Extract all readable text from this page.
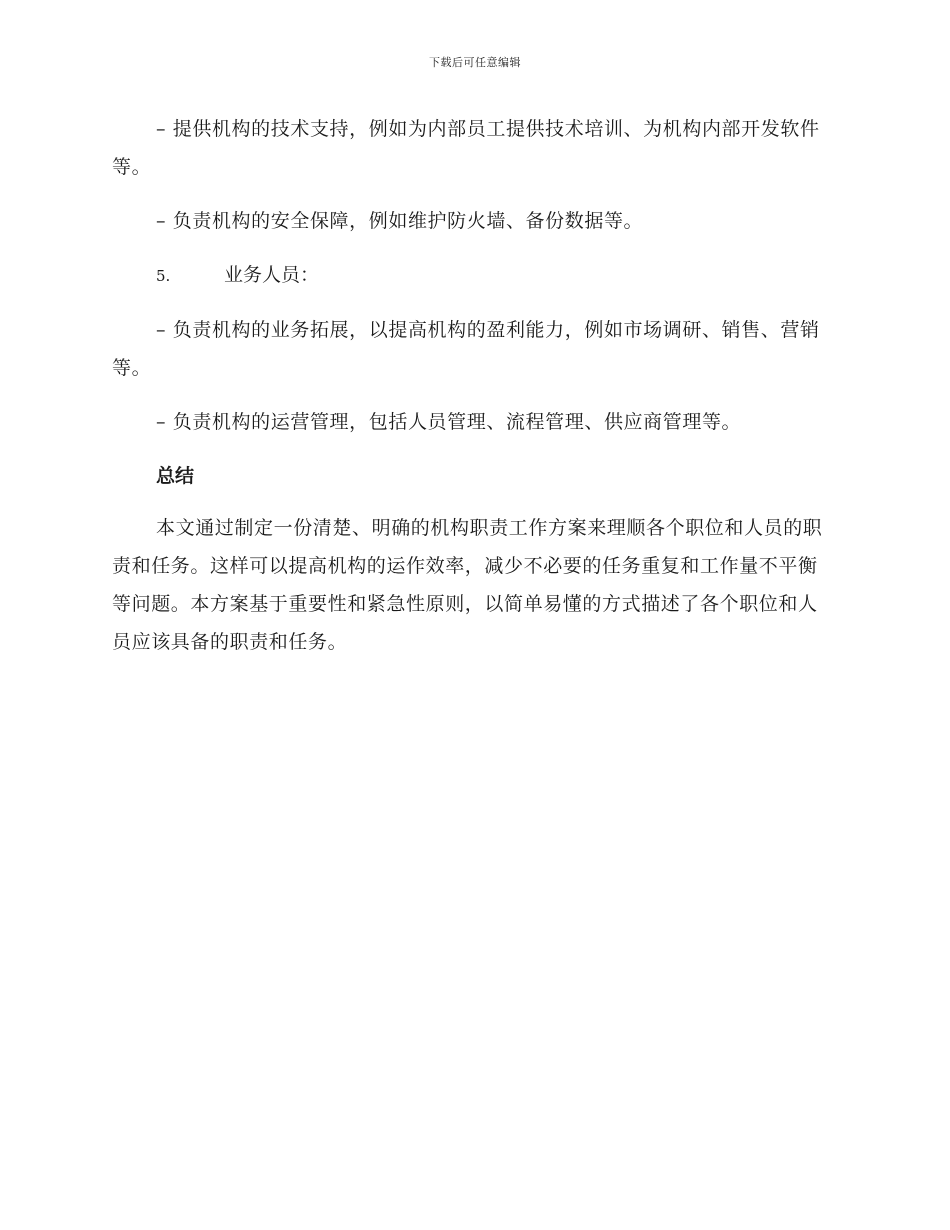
下载后可任意编辑

– 提供机构的技术支持，例如为内部员工提供技术培训、为机构内部开发软件等。

– 负责机构的安全保障，例如维护防火墙、备份数据等。

5.	业务人员：

– 负责机构的业务拓展，以提高机构的盈利能力，例如市场调研、销售、营销等。

– 负责机构的运营管理，包括人员管理、流程管理、供应商管理等。

总结

本文通过制定一份清楚、明确的机构职责工作方案来理顺各个职位和人员的职责和任务。这样可以提高机构的运作效率，减少不必要的任务重复和工作量不平衡等问题。本方案基于重要性和紧急性原则，以简单易懂的方式描述了各个职位和人员应该具备的职责和任务。
